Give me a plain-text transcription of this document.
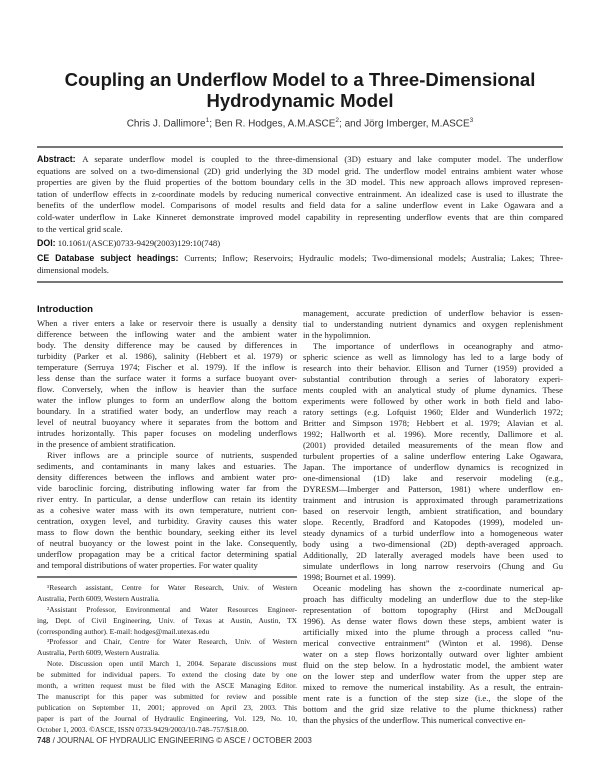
Coupling an Underflow Model to a Three-Dimensional
Hydrodynamic Model
Chris J. Dallimore$^1$; Ben R. Hodges, A.M.ASCE$^2$; and Jörg Imberger, M.ASCE$^3$
Abstract: A separate underflow model is coupled to the three-dimensional (3D) estuary and lake computer model. The underflow
equations are solved on a two-dimensional (2D) grid underlying the 3D model grid. The underflow model entrains ambient water whose
properties are given by the fluid properties of the bottom boundary cells in the 3D model. This new approach allows improved represen-
tation of underflow effects in z-coordinate models by reducing numerical convective entrainment. An idealized case is used to illustrate the
benefits of the underflow model. Comparisons of model results and field data for a saline underflow event in Lake Ogawara and a
cold-water underflow in Lake Kinneret demonstrate improved model capability in representing underflow events that are thin compared
to the vertical grid scale.
DOI: 10.1061/(ASCE)0733-9429(2003)129:10(748)
CE Database subject headings: Currents; Inflow; Reservoirs; Hydraulic models; Two-dimensional models; Australia; Lakes; Three-
dimensional models.
Introduction
When a river enters a lake or reservoir there is usually a density
difference between the inflowing water and the ambient water
body. The density difference may be caused by differences in
turbidity (Parker et al. 1986), salinity (Hebbert et al. 1979) or
temperature (Serruya 1974; Fischer et al. 1979). If the inflow is
less dense than the surface water it forms a surface buoyant over-
flow. Conversely, when the inflow is heavier than the surface
water the inflow plunges to form an underflow along the bottom
boundary. In a stratified water body, an underflow may reach a
level of neutral buoyancy where it separates from the bottom and
intrudes horizontally. This paper focuses on modeling underflows
in the presence of ambient stratification.
River inflows are a principle source of nutrients, suspended
sediments, and contaminants in many lakes and estuaries. The
density differences between the inflows and ambient water pro-
vide baroclinic forcing, distributing inflowing water far from the
river entry. In particular, a dense underflow can retain its identity
as a cohesive water mass with its own temperature, nutrient con-
centration, oxygen level, and turbidity. Gravity causes this water
mass to flow down the benthic boundary, seeking either its level
of neutral buoyancy or the lowest point in the lake. Consequently,
underflow propagation may be a critical factor determining spatial
and temporal distributions of water properties. For water quality
management, accurate prediction of underflow behavior is essen-
tial to understanding nutrient dynamics and oxygen replenishment
in the hypolimnion.
The importance of underflows in oceanography and atmo-
spheric science as well as limnology has led to a large body of
research into their behavior. Ellison and Turner (1959) provided a
substantial contribution through a series of laboratory experi-
ments coupled with an analytical study of plume dynamics. These
experiments were followed by other work in both field and labo-
ratory settings (e.g. Lofquist 1960; Elder and Wunderlich 1972;
Britter and Simpson 1978; Hebbert et al. 1979; Alavian et al.
1992; Hallworth et al. 1996). More recently, Dallimore et al.
(2001) provided detailed measurements of the mean flow and
turbulent properties of a saline underflow entering Lake Ogawara,
Japan. The importance of underflow dynamics is recognized in
one-dimensional (1D) lake and reservoir modeling (e.g.,
DYRESM—Imberger and Patterson, 1981) where underflow en-
trainment and intrusion is approximated through parametrizations
based on reservoir length, ambient stratification, and boundary
slope. Recently, Bradford and Katopodes (1999), modeled un-
steady dynamics of a turbid underflow into a homogeneous water
body using a two-dimensional (2D) depth-averaged approach.
Additionally, 2D laterally averaged models have been used to
simulate underflows in long narrow reservoirs (Chung and Gu
1998; Bournet et al. 1999).
Oceanic modeling has shown the z-coordinate numerical ap-
proach has difficulty modeling an underflow due to the step-like
representation of bottom topography (Hirst and McDougall
1996). As dense water flows down these steps, ambient water is
artificially mixed into the plume through a process called “nu-
merical convective entrainment” (Winton et al. 1998). Dense
water on a step flows horizontally outward over lighter ambient
fluid on the step below. In a hydrostatic model, the ambient water
on the lower step and underflow water from the upper step are
mixed to remove the numerical instability. As a result, the entrain-
ment rate is a function of the step size (i.e., the slope of the
bottom and the grid size relative to the plume thickness) rather
than the physics of the underflow. This numerical convective en-
¹Research assistant, Centre for Water Research, Univ. of Western
Australia, Perth 6009, Western Australia.
²Assistant Professor, Environmental and Water Resources Engineer-
ing, Dept. of Civil Engineering, Univ. of Texas at Austin, Austin, TX
(corresponding author). E-mail: hodges@mail.utexas.edu
³Professor and Chair, Centre for Water Research, Univ. of Western
Australia, Perth 6009, Western Australia.
Note. Discussion open until March 1, 2004. Separate discussions must
be submitted for individual papers. To extend the closing date by one
month, a written request must be filed with the ASCE Managing Editor.
The manuscript for this paper was submitted for review and possible
publication on September 11, 2001; approved on April 23, 2003. This
paper is part of the Journal of Hydraulic Engineering, Vol. 129, No. 10,
October 1, 2003. ©ASCE, ISSN 0733-9429/2003/10-748–757/$18.00.
748 / JOURNAL OF HYDRAULIC ENGINEERING © ASCE / OCTOBER 2003
